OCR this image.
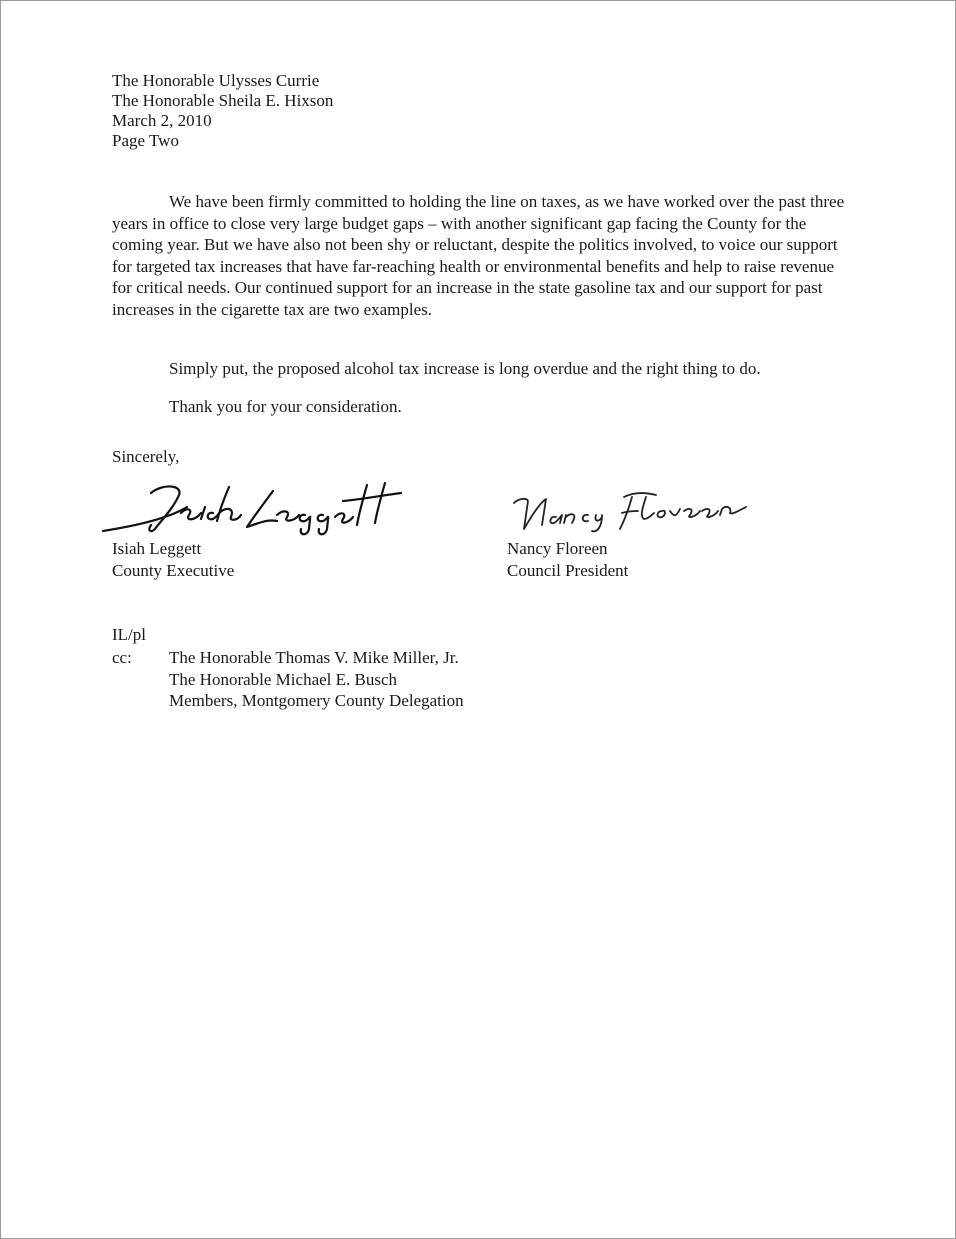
The Honorable Ulysses Currie
The Honorable Sheila E. Hixson
March 2, 2010
Page Two

We have been firmly committed to holding the line on taxes, as we have worked over the past three years in office to close very large budget gaps – with another significant gap facing the County for the coming year. But we have also not been shy or reluctant, despite the politics involved, to voice our support for targeted tax increases that have far-reaching health or environmental benefits and help to raise revenue for critical needs. Our continued support for an increase in the state gasoline tax and our support for past increases in the cigarette tax are two examples.

Simply put, the proposed alcohol tax increase is long overdue and the right thing to do.

Thank you for your consideration.

Sincerely,
Isiah Leggett
County Executive
Nancy Floreen
Council President
IL/pl
cc: The Honorable Thomas V. Mike Miller, Jr.
The Honorable Michael E. Busch
Members, Montgomery County Delegation
